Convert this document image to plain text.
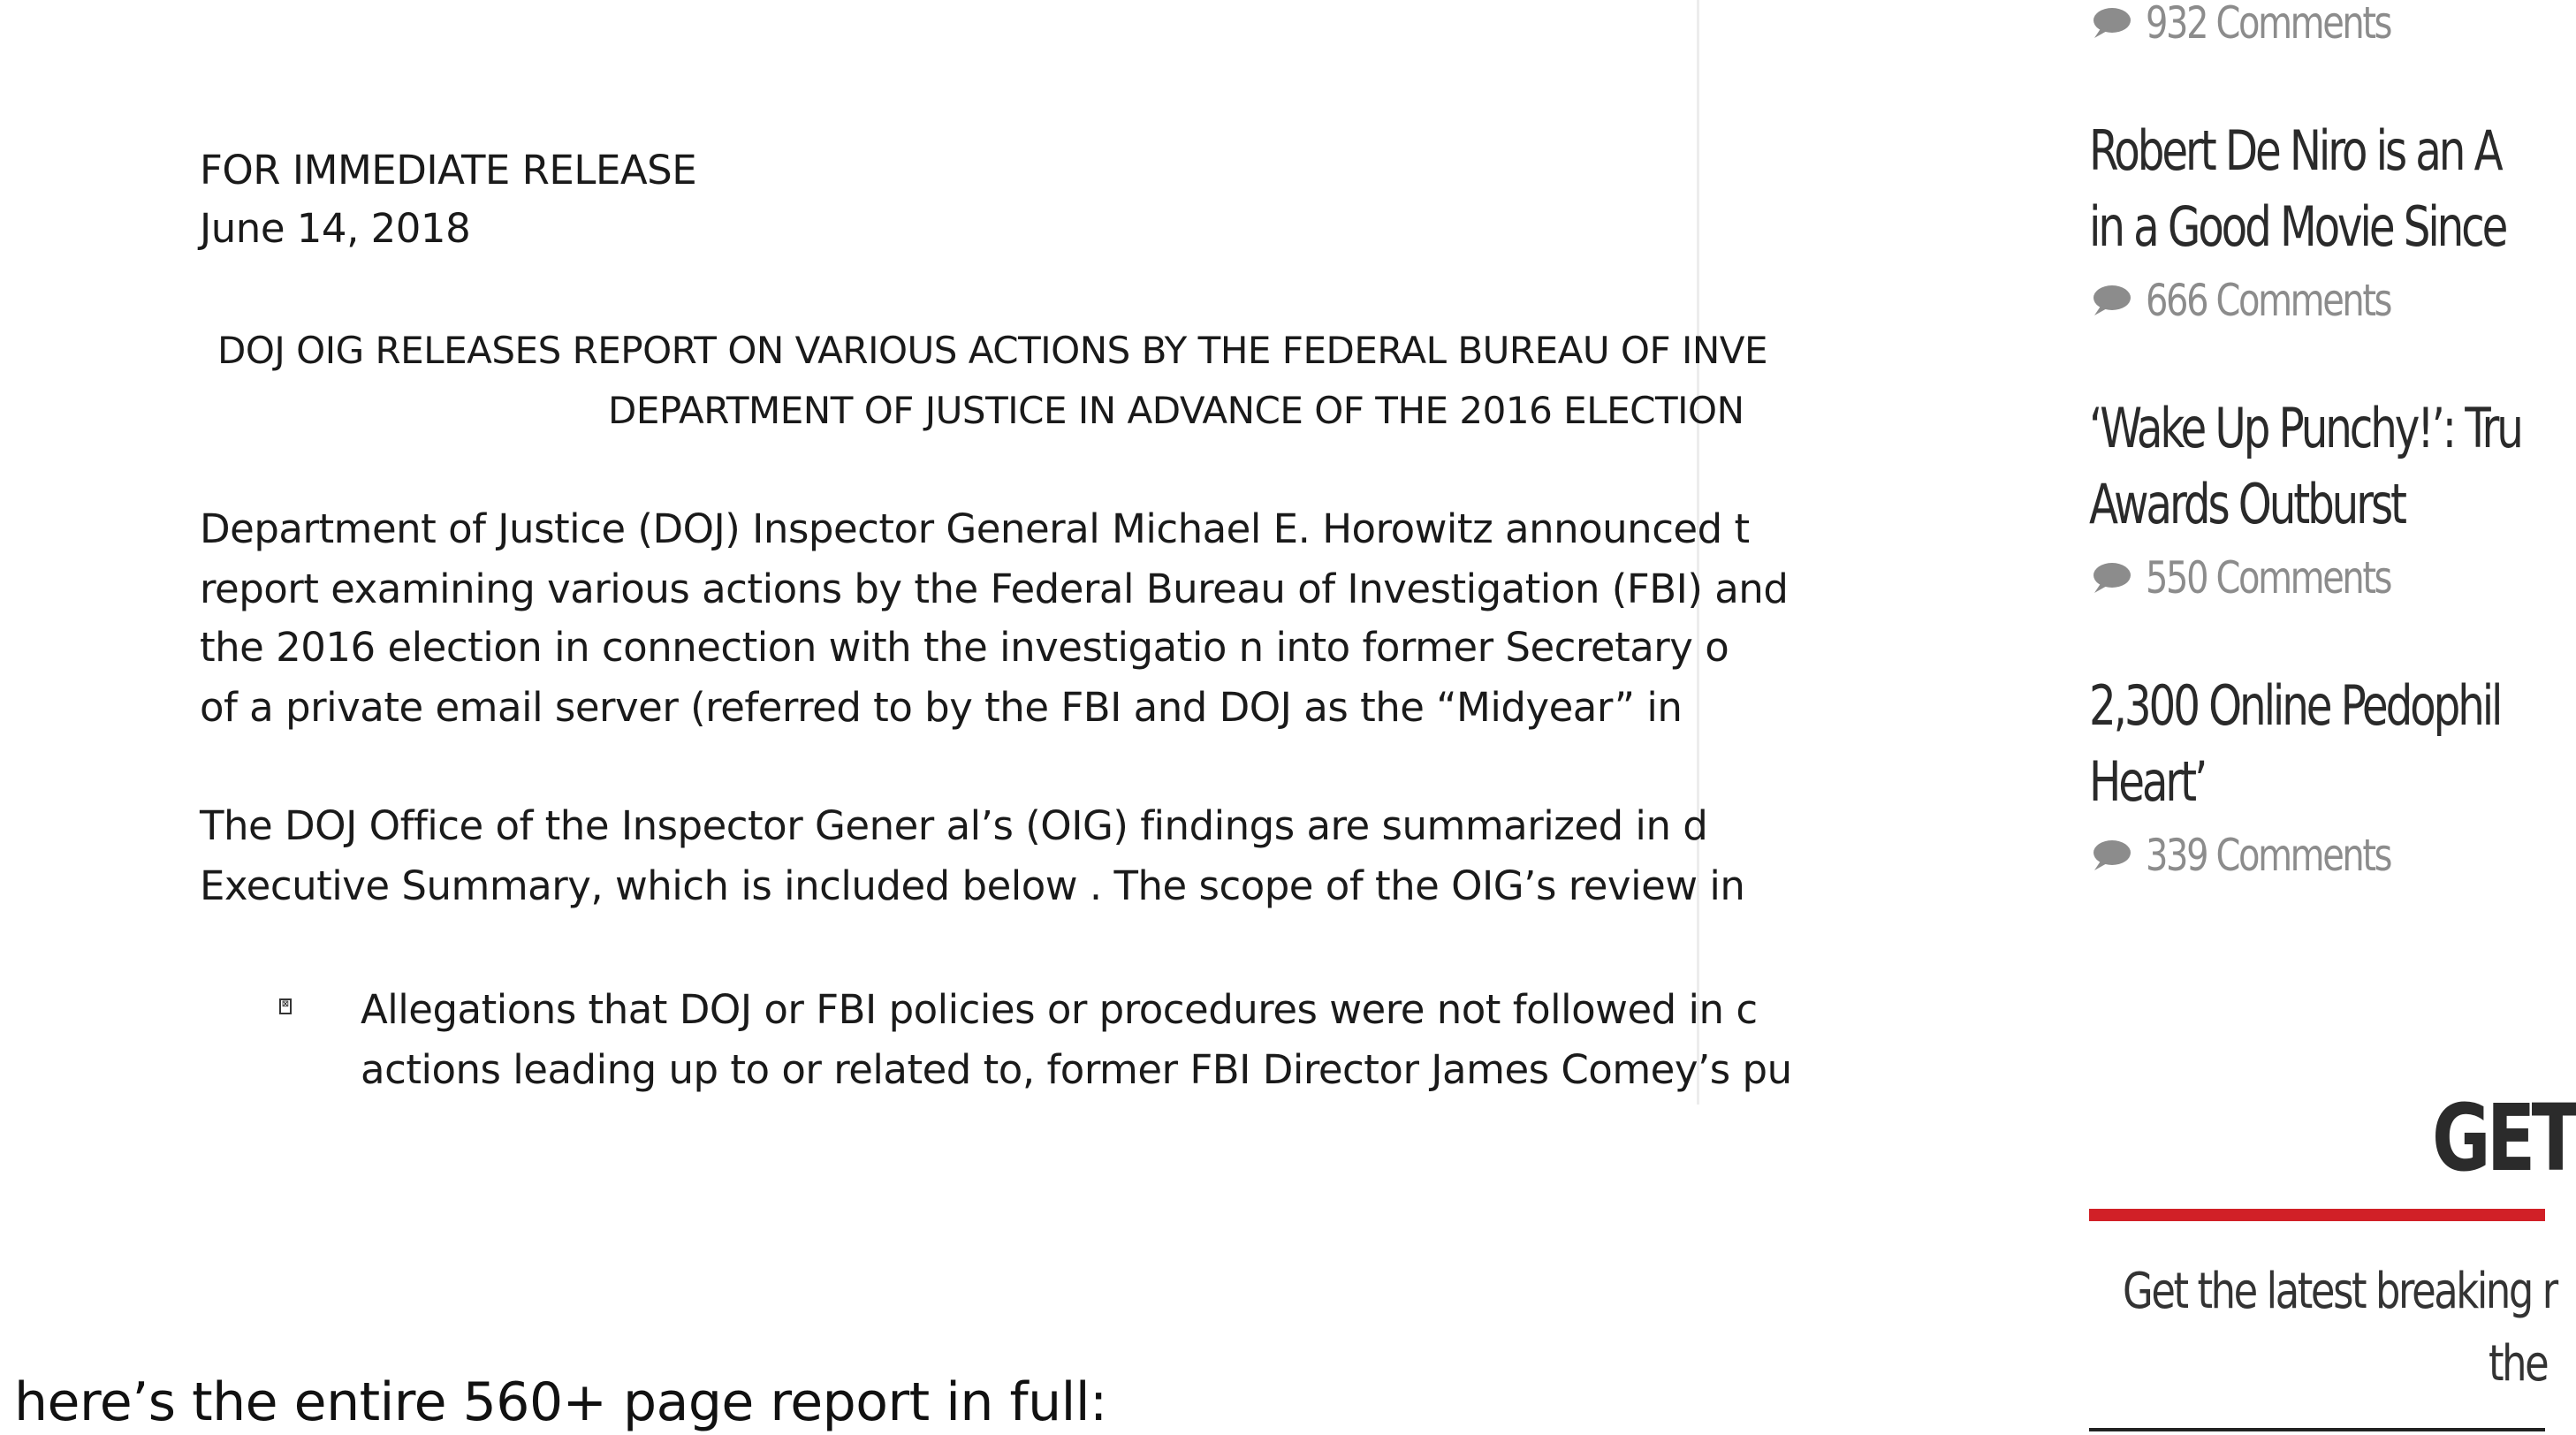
FOR IMMEDIATE RELEASE
June 14, 2018
DOJ OIG RELEASES REPORT ON VARIOUS ACTIONS BY THE FEDERAL BUREAU OF INVE
DEPARTMENT OF JUSTICE IN ADVANCE OF THE 2016 ELECTION
Department of Justice (DOJ) Inspector General Michael E. Horowitz announced t
report examining various actions by the Federal Bureau of Investigation (FBI) and
the 2016 election in connection with the investigatio n into former Secretary o
of a private email server (referred to by the FBI and DOJ as the “Midyear” in
The DOJ Office of the Inspector Gener al’s (OIG) findings are summarized in d
Executive Summary, which is included below . The scope of the OIG’s review in
⊠ Allegations that DOJ or FBI policies or procedures were not followed in c
actions leading up to or related to, former FBI Director James Comey’s pu

here’s the entire 560+ page report in full:

932 Comments
Robert De Niro is an A
in a Good Movie Since
666 Comments
‘Wake Up Punchy!’: Tru
Awards Outburst
550 Comments
2,300 Online Pedophil
Heart’
339 Comments
GET

Get the latest breaking r

the
